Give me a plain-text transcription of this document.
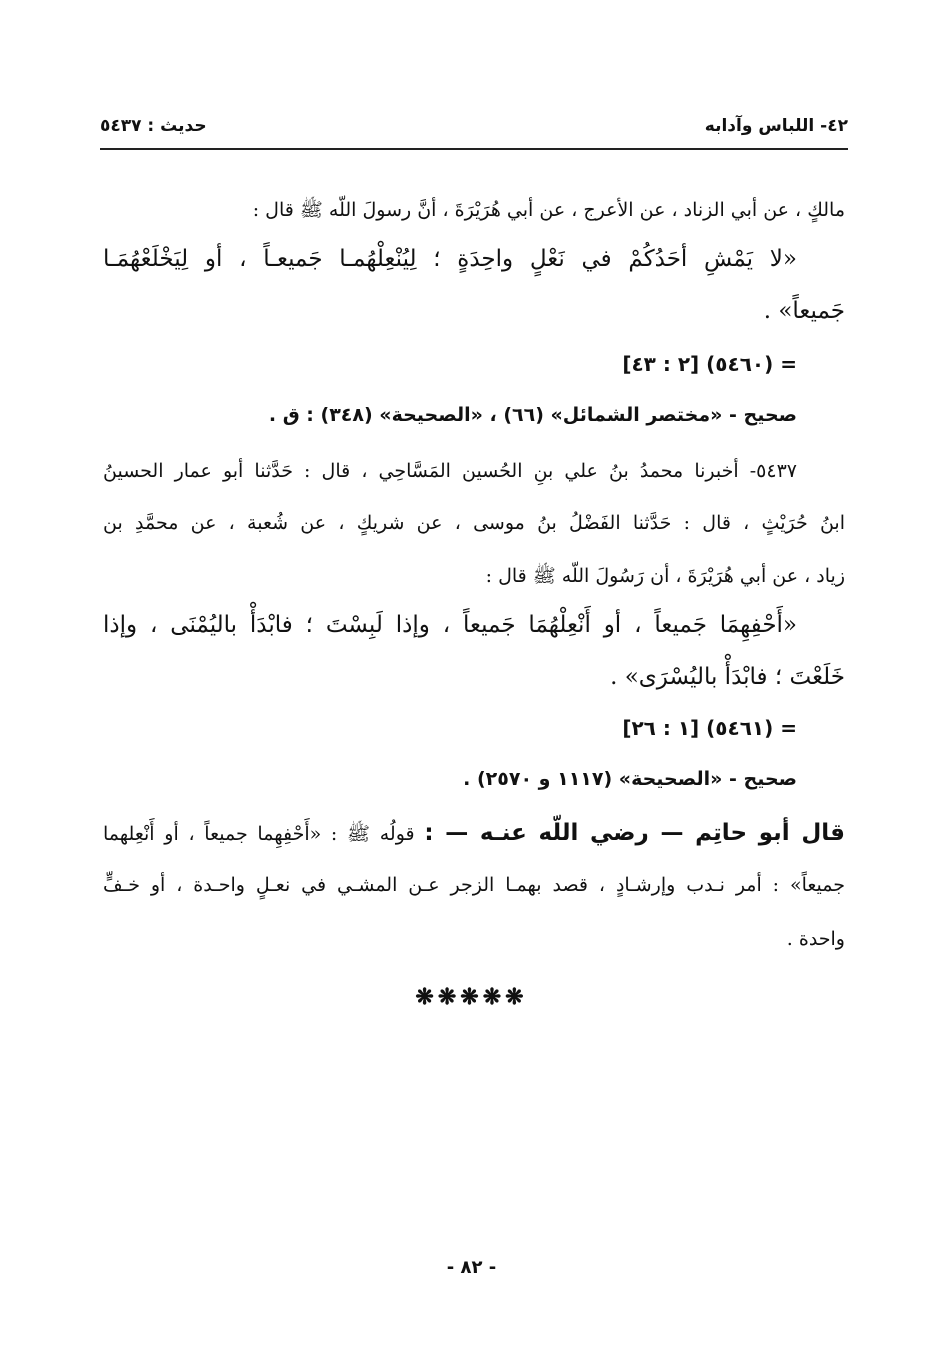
٤٢- اللباس وآدابه
حديث : ٥٤٣٧
مالكٍ ، عن أبي الزناد ، عن الأعرج ، عن أبي هُرَيْرَةَ ، أنَّ رسولَ اللّه ﷺ قال :
«لا يَمْشِ أحَدُكُمْ في نَعْلٍ واحِدَةٍ ؛ لِيُنْعِلْهُمـا جَميعـاً ، أو لِيَخْلَعْهُمَـا
جَميعاً» .
= (٥٤٦٠) [٢ : ٤٣]
صحيح - «مختصر الشمائل» (٦٦) ، «الصحيحة» (٣٤٨) : ق .
٥٤٣٧- أخبرنا محمدُ بنُ علي بنِ الحُسين المَسَّاحِي ، قال : حَدَّثنا أبو عمار الحسينُ
ابنُ حُرَيْثٍ ، قال : حَدَّثنا الفَضْلُ بنُ موسى ، عن شريكٍ ، عن شُعبة ، عن محمَّدِ بن
زياد ، عن أبي هُرَيْرَةَ ، أن رَسُولَ اللّه ﷺ قال :
«أَحْفِهِمَا جَميعاً ، أو أَنْعِلْهُمَا جَميعاً ، وإذا لَبِسْتَ ؛ فابْدَأْ باليُمْنَى ، وإذا
خَلَعْتَ ؛ فابْدَأْ باليُسْرَى» .
= (٥٤٦١) [١ : ٢٦]
صحيح - «الصحيحة» (١١١٧ و ٢٥٧٠) .
قال أبو حاتِم — رضي اللّه عنـه — : قولُه ﷺ : «أَحْفِهِما جميعاً ، أو أَنْعِلهما
جميعاً» : أمر نـدب وإرشـادٍ ، قصد بهمـا الزجر عـن المشـي في نعـلٍ واحـدة ، أو خـفٍّ
واحدة .
❋❋❋❋❋
- ٨٢ -
